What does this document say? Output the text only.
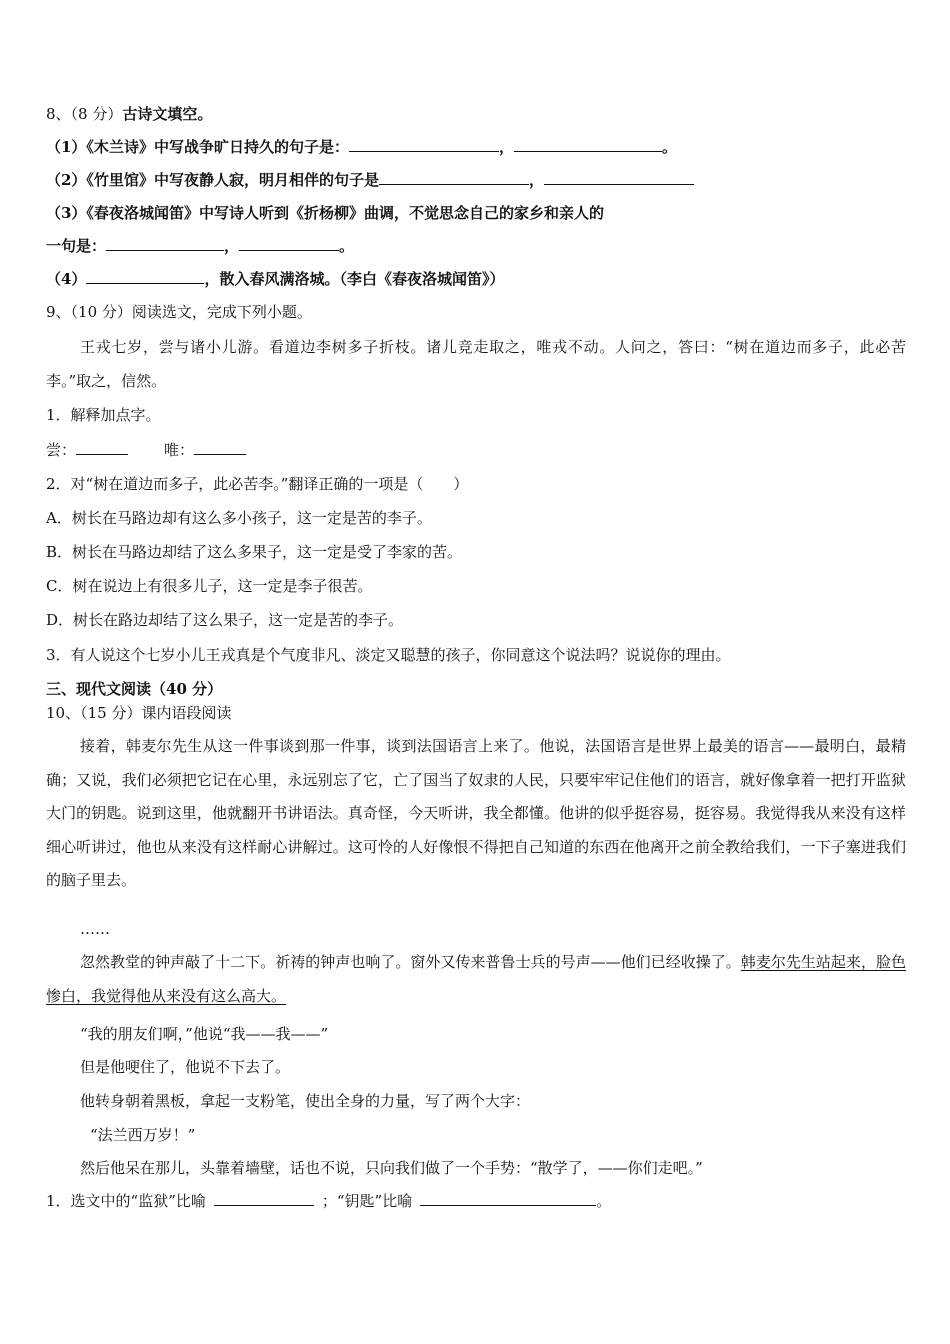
8、（8 分）古诗文填空。
（1）《木兰诗》中写战争旷日持久的句子是：	，	。
（2）《竹里馆》中写夜静人寂，明月相伴的句子是	，
（3）《春夜洛城闻笛》中写诗人听到《折杨柳》曲调，不觉思念自己的家乡和亲人的
一句是：	，	。
（4）	，散入春风满洛城。（李白《春夜洛城闻笛》）
9、（10 分）阅读选文，完成下列小题。
王戎七岁，尝与诸小儿游。看道边李树多子折枝。诸儿竞走取之，唯戎不动。人问之，答曰：“树在道边而多子，此必苦李。”取之，信然。
1．解释加点字。
尝：	唯：
2．对“树在道边而多子，此必苦李。”翻译正确的一项是（　　）
A．树长在马路边却有这么多小孩子，这一定是苦的李子。
B．树长在马路边却结了这么多果子，这一定是受了李家的苦。
C．树在说边上有很多儿子，这一定是李子很苦。
D．树长在路边却结了这么果子，这一定是苦的李子。
3．有人说这个七岁小儿王戎真是个气度非凡、淡定又聪慧的孩子，你同意这个说法吗？说说你的理由。
三、现代文阅读（40 分）
10、（15 分）课内语段阅读
接着，韩麦尔先生从这一件事谈到那一件事，谈到法国语言上来了。他说，法国语言是世界上最美的语言——最明白，最精确；又说，我们必须把它记在心里，永远别忘了它，亡了国当了奴隶的人民，只要牢牢记住他们的语言，就好像拿着一把打开监狱大门的钥匙。说到这里，他就翻开书讲语法。真奇怪，今天听讲，我全都懂。他讲的似乎挺容易，挺容易。我觉得我从来没有这样细心听讲过，他也从来没有这样耐心讲解过。这可怜的人好像恨不得把自己知道的东西在他离开之前全教给我们，一下子塞进我们的脑子里去。
……
忽然教堂的钟声敲了十二下。祈祷的钟声也响了。窗外又传来普鲁士兵的号声——他们已经收操了。韩麦尔先生站起来，脸色惨白，我觉得他从来没有这么高大。
“我的朋友们啊，”他说“我——我——”
但是他哽住了，他说不下去了。
他转身朝着黑板，拿起一支粉笔，使出全身的力量，写了两个大字：
“法兰西万岁！”
然后他呆在那儿，头靠着墙壁，话也不说，只向我们做了一个手势：“散学了，——你们走吧。”
1．选文中的“监狱”比喻	；“钥匙”比喻	。
